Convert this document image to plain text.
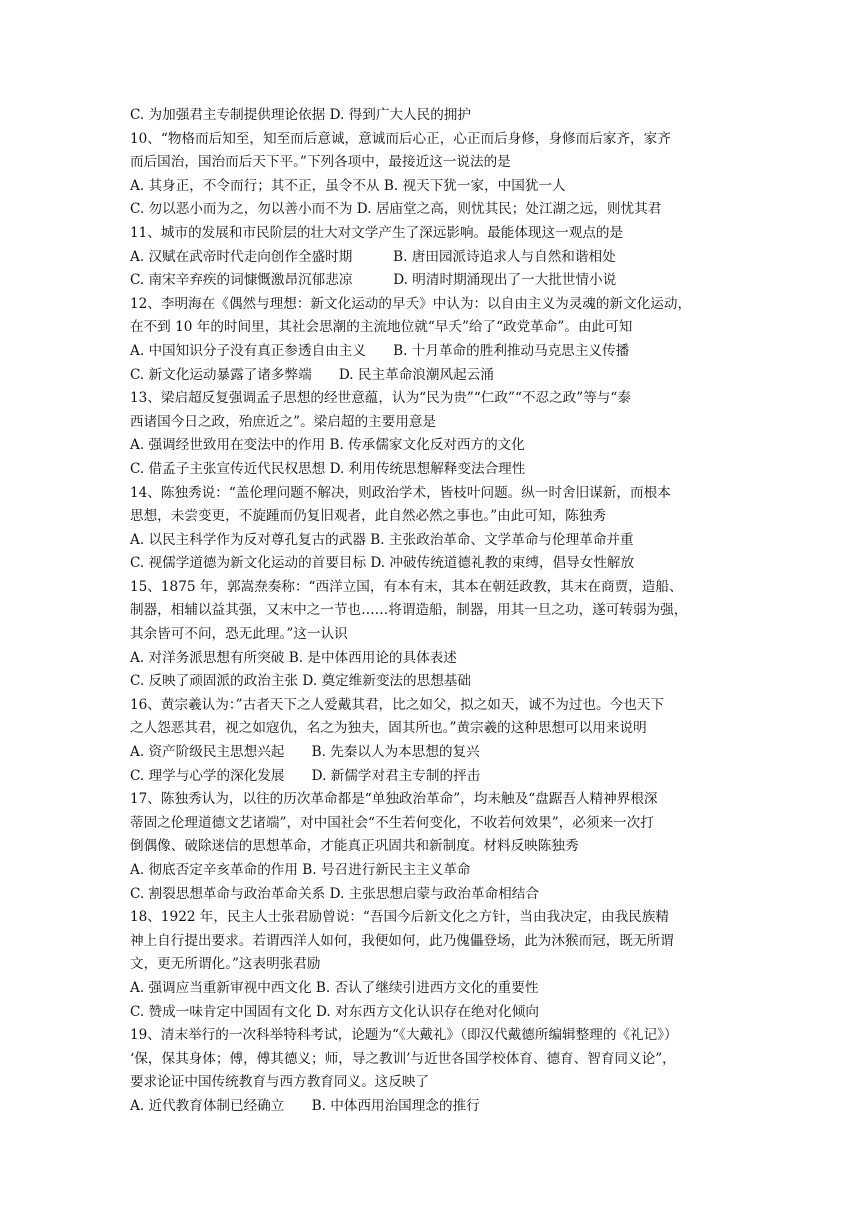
C. 为加强君主专制提供理论依据 D. 得到广大人民的拥护
10、“物格而后知至，知至而后意诚，意诚而后心正，心正而后身修，身修而后家齐，家齐
而后国治，国治而后天下平。”下列各项中，最接近这一说法的是
A. 其身正，不令而行；其不正，虽令不从 B. 视天下犹一家，中国犹一人
C. 勿以恶小而为之，勿以善小而不为 D. 居庙堂之高，则忧其民；处江湖之远，则忧其君
11、城市的发展和市民阶层的壮大对文学产生了深远影响。最能体现这一观点的是
A. 汉赋在武帝时代走向创作全盛时期　　　B. 唐田园派诗追求人与自然和谐相处
C. 南宋辛弃疾的词慷慨激昂沉郁悲凉　　　D. 明清时期涌现出了一大批世情小说
12、李明海在《偶然与理想：新文化运动的早夭》中认为：以自由主义为灵魂的新文化运动，
在不到 10 年的时间里，其社会思潮的主流地位就“早夭”给了“政党革命”。由此可知
A. 中国知识分子没有真正参透自由主义　　B. 十月革命的胜利推动马克思主义传播
C. 新文化运动暴露了诸多弊端　　D. 民主革命浪潮风起云涌
13、梁启超反复强调孟子思想的经世意蕴，认为“民为贵”“仁政”“不忍之政”等与“泰
西诸国今日之政，殆庶近之”。梁启超的主要用意是
A. 强调经世致用在变法中的作用 B. 传承儒家文化反对西方的文化
C. 借孟子主张宣传近代民权思想 D. 利用传统思想解释变法合理性
14、陈独秀说：“盖伦理问题不解决，则政治学术，皆枝叶问题。纵一时舍旧谋新，而根本
思想，未尝变更，不旋踵而仍复旧观者，此自然必然之事也。”由此可知，陈独秀
A. 以民主科学作为反对尊孔复古的武器 B. 主张政治革命、文学革命与伦理革命并重
C. 视儒学道德为新文化运动的首要目标 D. 冲破传统道德礼教的束缚，倡导女性解放
15、1875 年，郭嵩焘奏称：“西洋立国，有本有末，其本在朝廷政教，其末在商贾，造船、
制器，相辅以益其强，又末中之一节也……将谓造船，制器，用其一旦之功，遂可转弱为强，
其余皆可不问，恐无此理。”这一认识
A. 对洋务派思想有所突破 B. 是中体西用论的具体表述
C. 反映了顽固派的政治主张 D. 奠定维新变法的思想基础
16、黄宗羲认为：”古者天下之人爱戴其君，比之如父，拟之如天，诚不为过也。今也天下
之人怨恶其君，视之如寇仇，名之为独夫，固其所也。”黄宗羲的这种思想可以用来说明
A. 资产阶级民主思想兴起　　B. 先秦以人为本思想的复兴
C. 理学与心学的深化发展　　D. 新儒学对君主专制的抨击
17、陈独秀认为，以往的历次革命都是“单独政治革命”，均未触及“盘踞吾人精神界根深
蒂固之伦理道德文艺诸端”，对中国社会“不生若何变化，不收若何效果”，必须来一次打
倒偶像、破除迷信的思想革命，才能真正巩固共和新制度。材料反映陈独秀
A. 彻底否定辛亥革命的作用 B. 号召进行新民主主义革命
C. 割裂思想革命与政治革命关系 D. 主张思想启蒙与政治革命相结合
18、1922 年，民主人士张君励曾说：“吾国今后新文化之方针，当由我决定，由我民族精
神上自行提出要求。若谓西洋人如何，我便如何，此乃傀儡登场，此为沐猴而冠，既无所谓
文，更无所谓化。”这表明张君励
A. 强调应当重新审视中西文化 B. 否认了继续引进西方文化的重要性
C. 赞成一味肯定中国固有文化 D. 对东西方文化认识存在绝对化倾向
19、清末举行的一次科举特科考试，论题为“《大戴礼》（即汉代戴德所编辑整理的《礼记》）
‘保，保其身体；傅，傅其德义；师，导之教训’与近世各国学校体育、德育、智育同义论”，
要求论证中国传统教育与西方教育同义。这反映了
A. 近代教育体制已经确立　　B. 中体西用治国理念的推行
